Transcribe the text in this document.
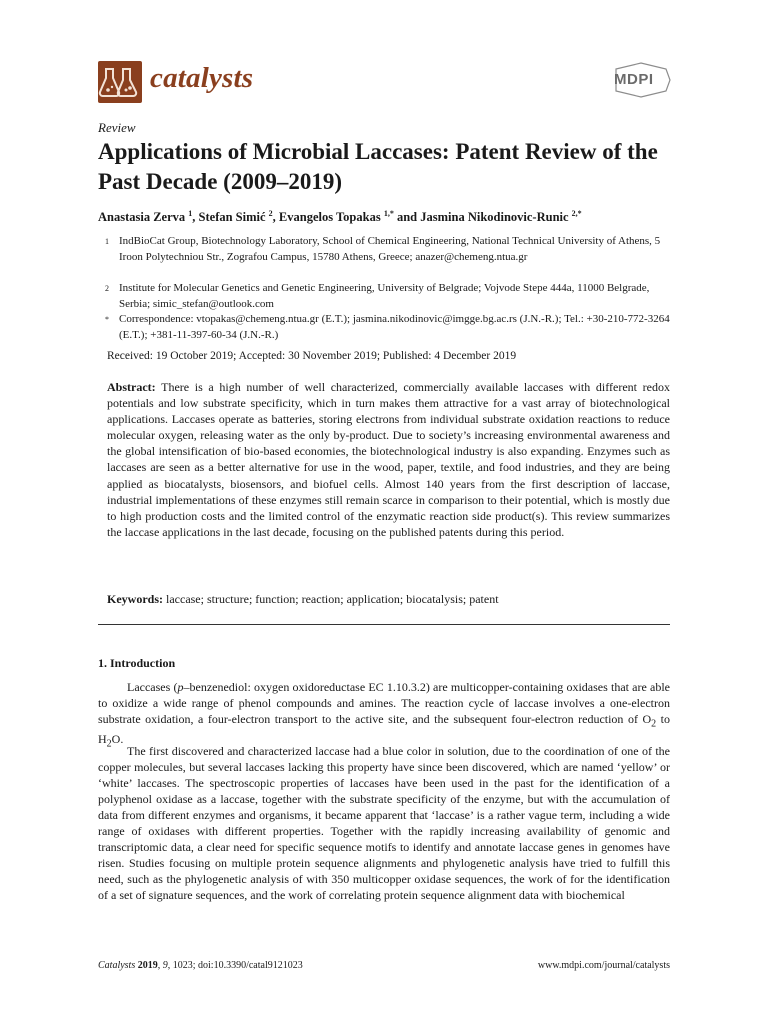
catalysts	MDPI
Review
Applications of Microbial Laccases: Patent Review of the Past Decade (2009–2019)
Anastasia Zerva $^1$, Stefan Simić $^2$, Evangelos Topakas $^{1,*}$ and Jasmina Nikodinovic-Runic $^{2,*}$
1 IndBioCat Group, Biotechnology Laboratory, School of Chemical Engineering, National Technical University of Athens, 5 Iroon Polytechniou Str., Zografou Campus, 15780 Athens, Greece; anazer@chemeng.ntua.gr
2 Institute for Molecular Genetics and Genetic Engineering, University of Belgrade; Vojvode Stepe 444a, 11000 Belgrade, Serbia; simic_stefan@outlook.com
* Correspondence: vtopakas@chemeng.ntua.gr (E.T.); jasmina.nikodinovic@imgge.bg.ac.rs (J.N.-R.); Tel.: +30-210-772-3264 (E.T.); +381-11-397-60-34 (J.N.-R.)
Received: 19 October 2019; Accepted: 30 November 2019; Published: 4 December 2019
Abstract: There is a high number of well characterized, commercially available laccases with different redox potentials and low substrate specificity, which in turn makes them attractive for a vast array of biotechnological applications. Laccases operate as batteries, storing electrons from individual substrate oxidation reactions to reduce molecular oxygen, releasing water as the only by-product. Due to society’s increasing environmental awareness and the global intensification of bio-based economies, the biotechnological industry is also expanding. Enzymes such as laccases are seen as a better alternative for use in the wood, paper, textile, and food industries, and they are being applied as biocatalysts, biosensors, and biofuel cells. Almost 140 years from the first description of laccase, industrial implementations of these enzymes still remain scarce in comparison to their potential, which is mostly due to high production costs and the limited control of the enzymatic reaction side product(s). This review summarizes the laccase applications in the last decade, focusing on the published patents during this period.
Keywords: laccase; structure; function; reaction; application; biocatalysis; patent
1. Introduction

Laccases (p–benzenediol: oxygen oxidoreductase EC 1.10.3.2) are multicopper-containing oxidases that are able to oxidize a wide range of phenol compounds and amines. The reaction cycle of laccase involves a one-electron substrate oxidation, a four-electron transport to the active site, and the subsequent four-electron reduction of $O_2$ to $H_2O$.

The first discovered and characterized laccase had a blue color in solution, due to the coordination of one of the copper molecules, but several laccases lacking this property have since been discovered, which are named ‘yellow’ or ‘white’ laccases. The spectroscopic properties of laccases have been used in the past for the identification of a polyphenol oxidase as a laccase, together with the substrate specificity of the enzyme, but with the accumulation of data from different enzymes and organisms, it became apparent that ‘laccase’ is a rather vague term, including a wide range of oxidases with different properties. Together with the rapidly increasing availability of genomic and transcriptomic data, a clear need for specific sequence motifs to identify and annotate laccase genes in genomes have risen. Studies focusing on multiple protein sequence alignments and phylogenetic analysis have tried to fulfill this need, such as the phylogenetic analysis of with 350 multicopper oxidase sequences, the work of for the identification of a set of signature sequences, and the work of correlating protein sequence alignment data with biochemical

Catalysts 2019, 9, 1023; doi:10.3390/catal9121023	www.mdpi.com/journal/catalysts
